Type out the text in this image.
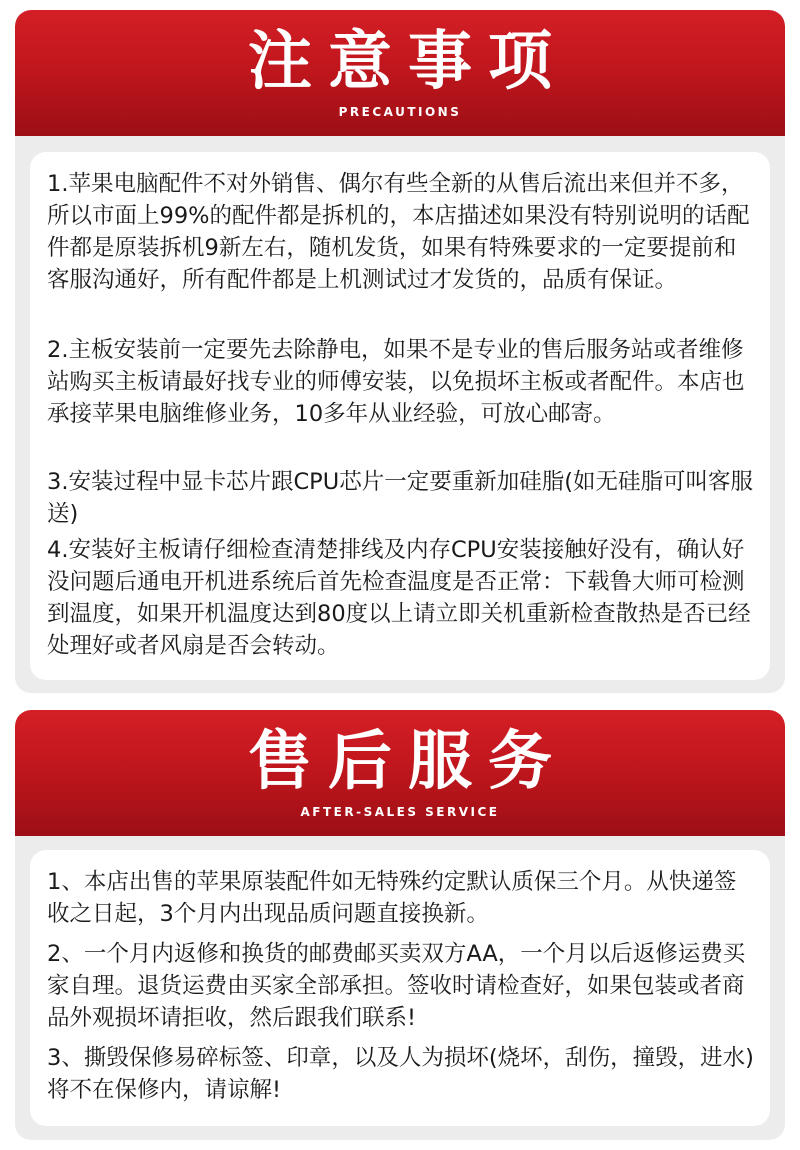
注意事项
PRECAUTIONS

1.苹果电脑配件不对外销售、偶尔有些全新的从售后流出来但并不多，所以市面上99%的配件都是拆机的，本店描述如果没有特别说明的话配件都是原装拆机9新左右，随机发货，如果有特殊要求的一定要提前和客服沟通好，所有配件都是上机测试过才发货的，品质有保证。

2.主板安装前一定要先去除静电，如果不是专业的售后服务站或者维修站购买主板请最好找专业的师傅安装，以免损坏主板或者配件。本店也承接苹果电脑维修业务，10多年从业经验，可放心邮寄。

3.安装过程中显卡芯片跟CPU芯片一定要重新加硅脂(如无硅脂可叫客服送)

4.安装好主板请仔细检查清楚排线及内存CPU安装接触好没有，确认好没问题后通电开机进系统后首先检查温度是否正常：下载鲁大师可检测到温度，如果开机温度达到80度以上请立即关机重新检查散热是否已经处理好或者风扇是否会转动。

售后服务
AFTER-SALES SERVICE

1、本店出售的苹果原装配件如无特殊约定默认质保三个月。从快递签收之日起，3个月内出现品质问题直接换新。

2、一个月内返修和换货的邮费邮买卖双方AA，一个月以后返修运费买家自理。退货运费由买家全部承担。签收时请检查好，如果包装或者商品外观损坏请拒收，然后跟我们联系!

3、撕毁保修易碎标签、印章，以及人为损坏(烧坏，刮伤，撞毁，进水)将不在保修内，请谅解!
